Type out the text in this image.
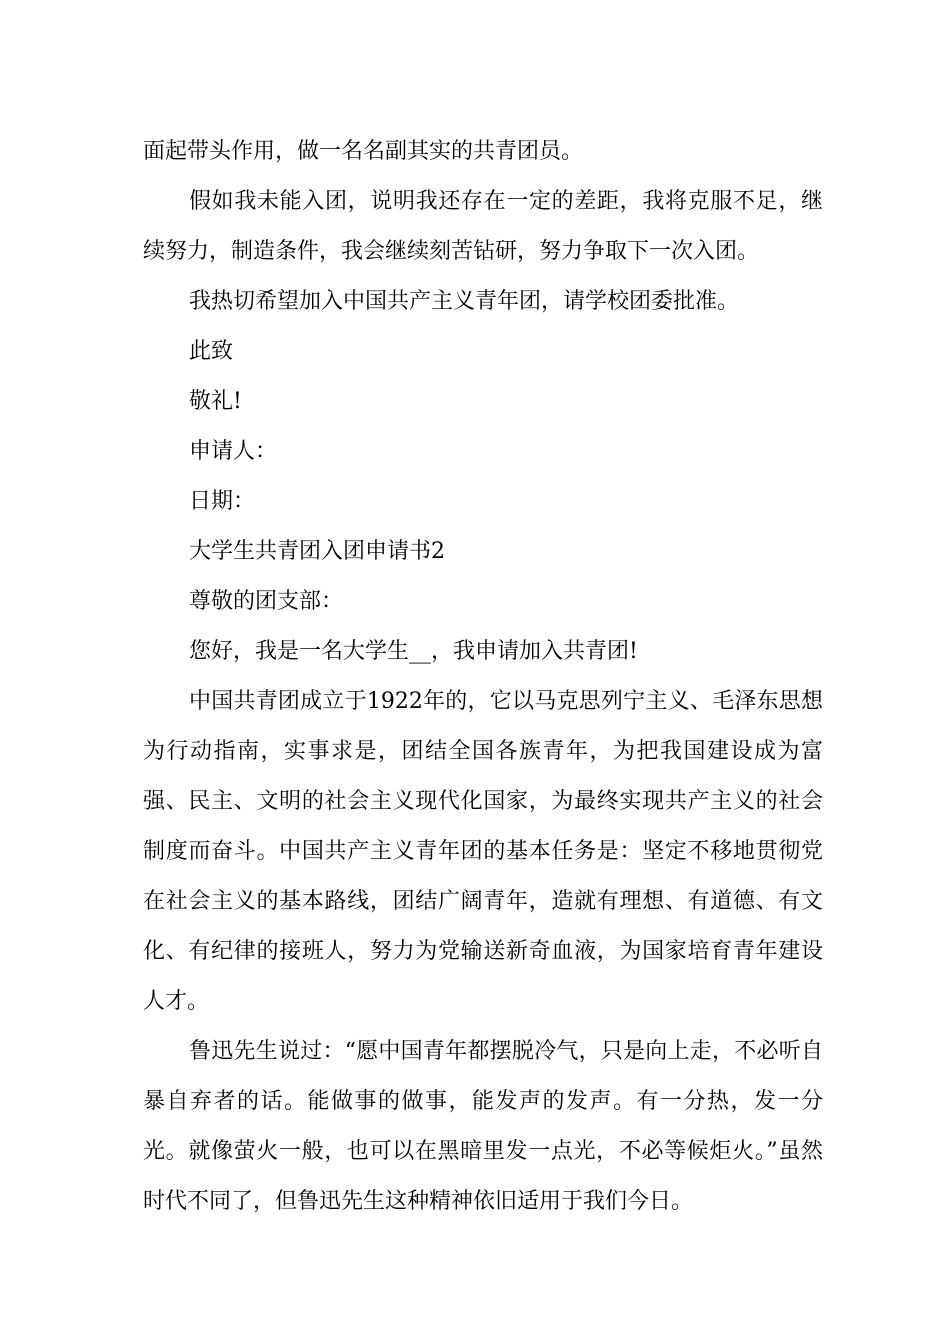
面起带头作用，做一名名副其实的共青团员。

假如我未能入团，说明我还存在一定的差距，我将克服不足，继续努力，制造条件，我会继续刻苦钻研，努力争取下一次入团。

我热切希望加入中国共产主义青年团，请学校团委批准。

此致

敬礼!

申请人：

日期：

大学生共青团入团申请书2

尊敬的团支部：

您好，我是一名大学生__，我申请加入共青团!

中国共青团成立于1922年的，它以马克思列宁主义、毛泽东思想为行动指南，实事求是，团结全国各族青年，为把我国建设成为富强、民主、文明的社会主义现代化国家，为最终实现共产主义的社会制度而奋斗。中国共产主义青年团的基本任务是：坚定不移地贯彻党在社会主义的基本路线，团结广阔青年，造就有理想、有道德、有文化、有纪律的接班人，努力为党输送新奇血液，为国家培育青年建设人才。

鲁迅先生说过：“愿中国青年都摆脱冷气，只是向上走，不必听自暴自弃者的话。能做事的做事，能发声的发声。有一分热，发一分光。就像萤火一般，也可以在黑暗里发一点光，不必等候炬火。”虽然时代不同了，但鲁迅先生这种精神依旧适用于我们今日。
